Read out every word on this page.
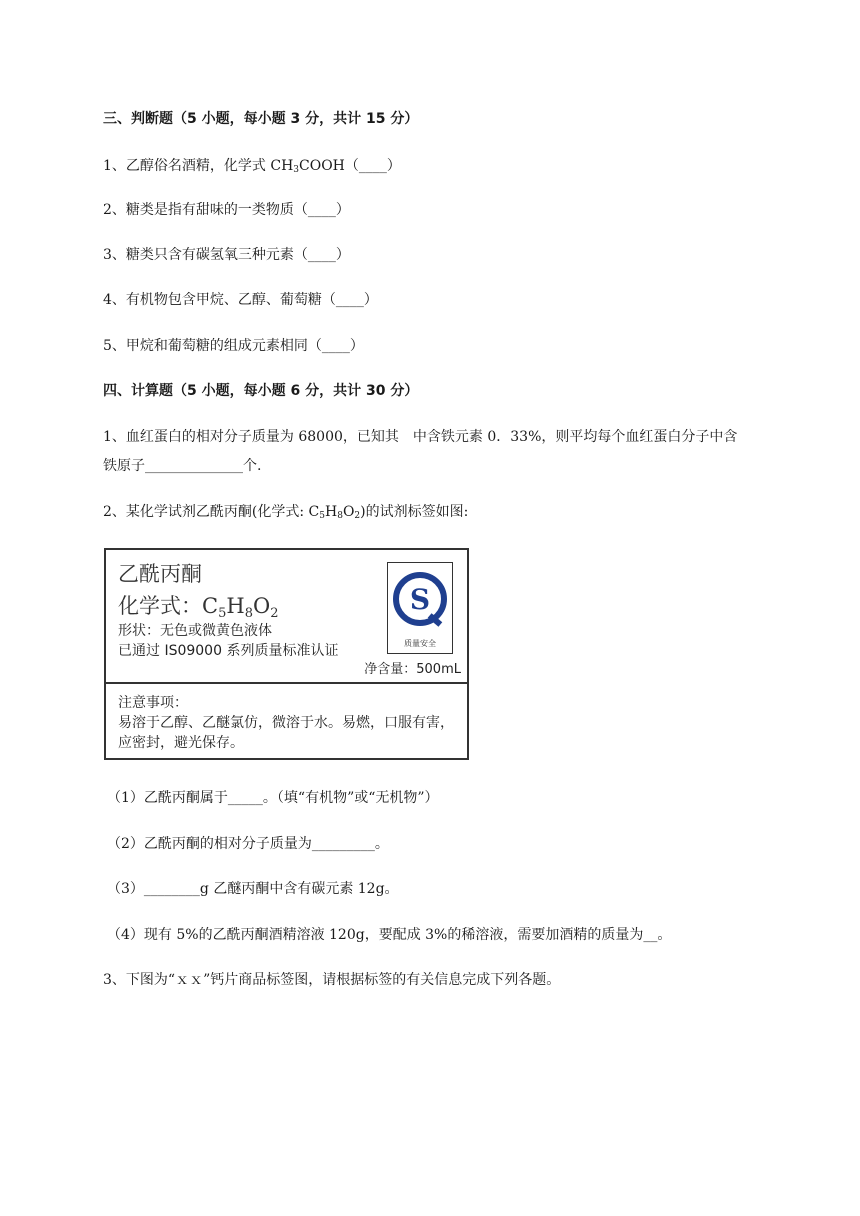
三、判断题（5 小题，每小题 3 分，共计 15 分）
1、乙醇俗名酒精，化学式 $CH_3COOH(\_\_\_\_)$
2、糖类是指有甜味的一类物质（____）
3、糖类只含有碳氢氧三种元素（____）
4、有机物包含甲烷、乙醇、葡萄糖（____）
5、甲烷和葡萄糖的组成元素相同（____）
四、计算题（5 小题，每小题 6 分，共计 30 分）
1、血红蛋白的相对分子质量为 68000，已知其　中含铁元素 0．33%，则平均每个血红蛋白分子中含
铁原子______________个.
2、某化学试剂乙酰丙酮(化学式: $C_5H_8O_2$)的试剂标签如图:
乙酰丙酮
化学式：C5H8O2
形状：无色或微黄色液体
已通过 IS09000 系列质量标准认证
S
质量安全
净含量：500mL
注意事项：
易溶于乙醇、乙醚氯仿，微溶于水。易燃，口服有害，
应密封，避光保存。
（1）乙酰丙酮属于_____。（填“有机物”或“无机物”）
（2）乙酰丙酮的相对分子质量为_________。
（3）________g 乙醚丙酮中含有碳元素 12g。
（4）现有 5%的乙酰丙酮酒精溶液 120g，要配成 3%的稀溶液，需要加酒精的质量为__。
3、下图为“ｘｘ”钙片商品标签图，请根据标签的有关信息完成下列各题。
